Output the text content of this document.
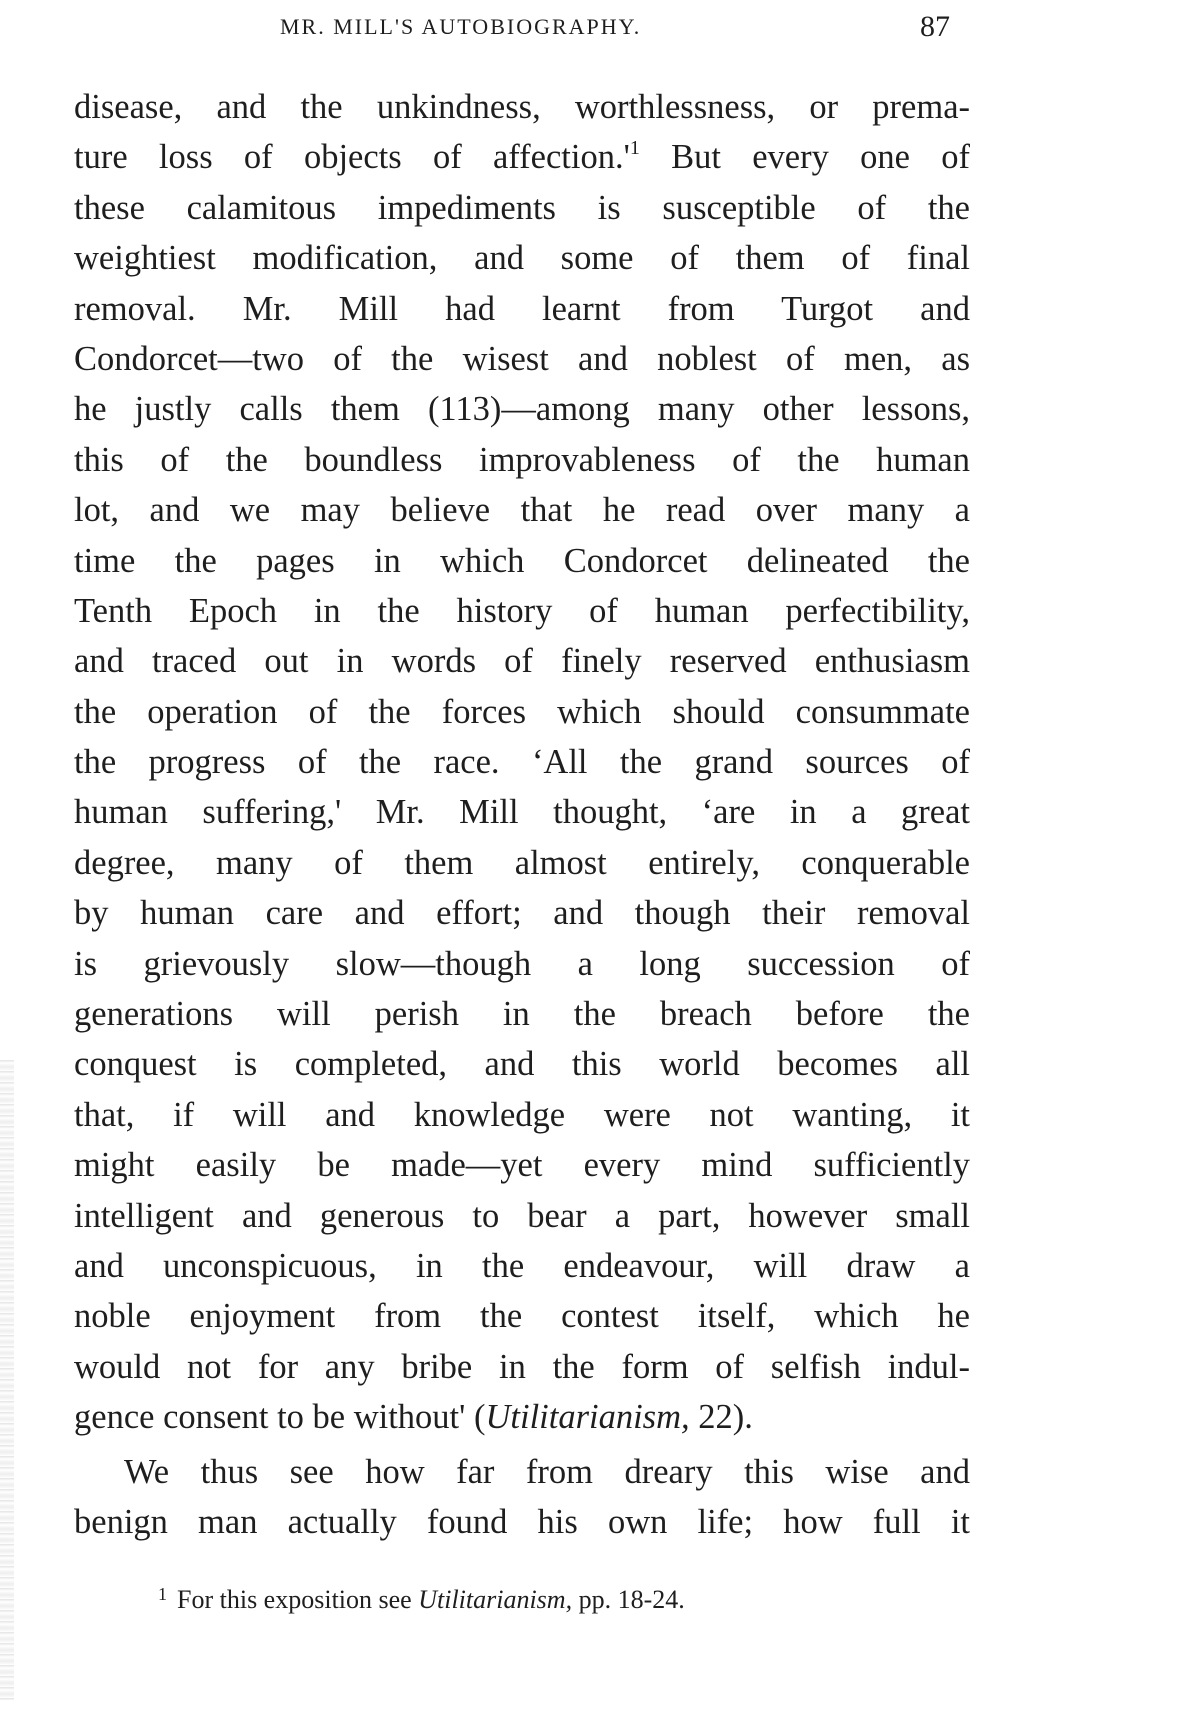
MR. MILL'S AUTOBIOGRAPHY.	87
disease, and the unkindness, worthlessness, or prema-
ture loss of objects of affection.'$^1$ But every one of
these calamitous impediments is susceptible of the
weightiest modification, and some of them of final
removal. Mr. Mill had learnt from Turgot and
Condorcet—two of the wisest and noblest of men, as
he justly calls them (113)—among many other lessons,
this of the boundless improvableness of the human
lot, and we may believe that he read over many a
time the pages in which Condorcet delineated the
Tenth Epoch in the history of human perfectibility,
and traced out in words of finely reserved enthusiasm
the operation of the forces which should consummate
the progress of the race. ‘All the grand sources of
human suffering,' Mr. Mill thought, ‘are in a great
degree, many of them almost entirely, conquerable
by human care and effort; and though their removal
is grievously slow—though a long succession of
generations will perish in the breach before the
conquest is completed, and this world becomes all
that, if will and knowledge were not wanting, it
might easily be made—yet every mind sufficiently
intelligent and generous to bear a part, however small
and unconspicuous, in the endeavour, will draw a
noble enjoyment from the contest itself, which he
would not for any bribe in the form of selfish indul-
gence consent to be without' (Utilitarianism, 22).
We thus see how far from dreary this wise and
benign man actually found his own life; how full it
$^1$ For this exposition see Utilitarianism, pp. 18-24.
